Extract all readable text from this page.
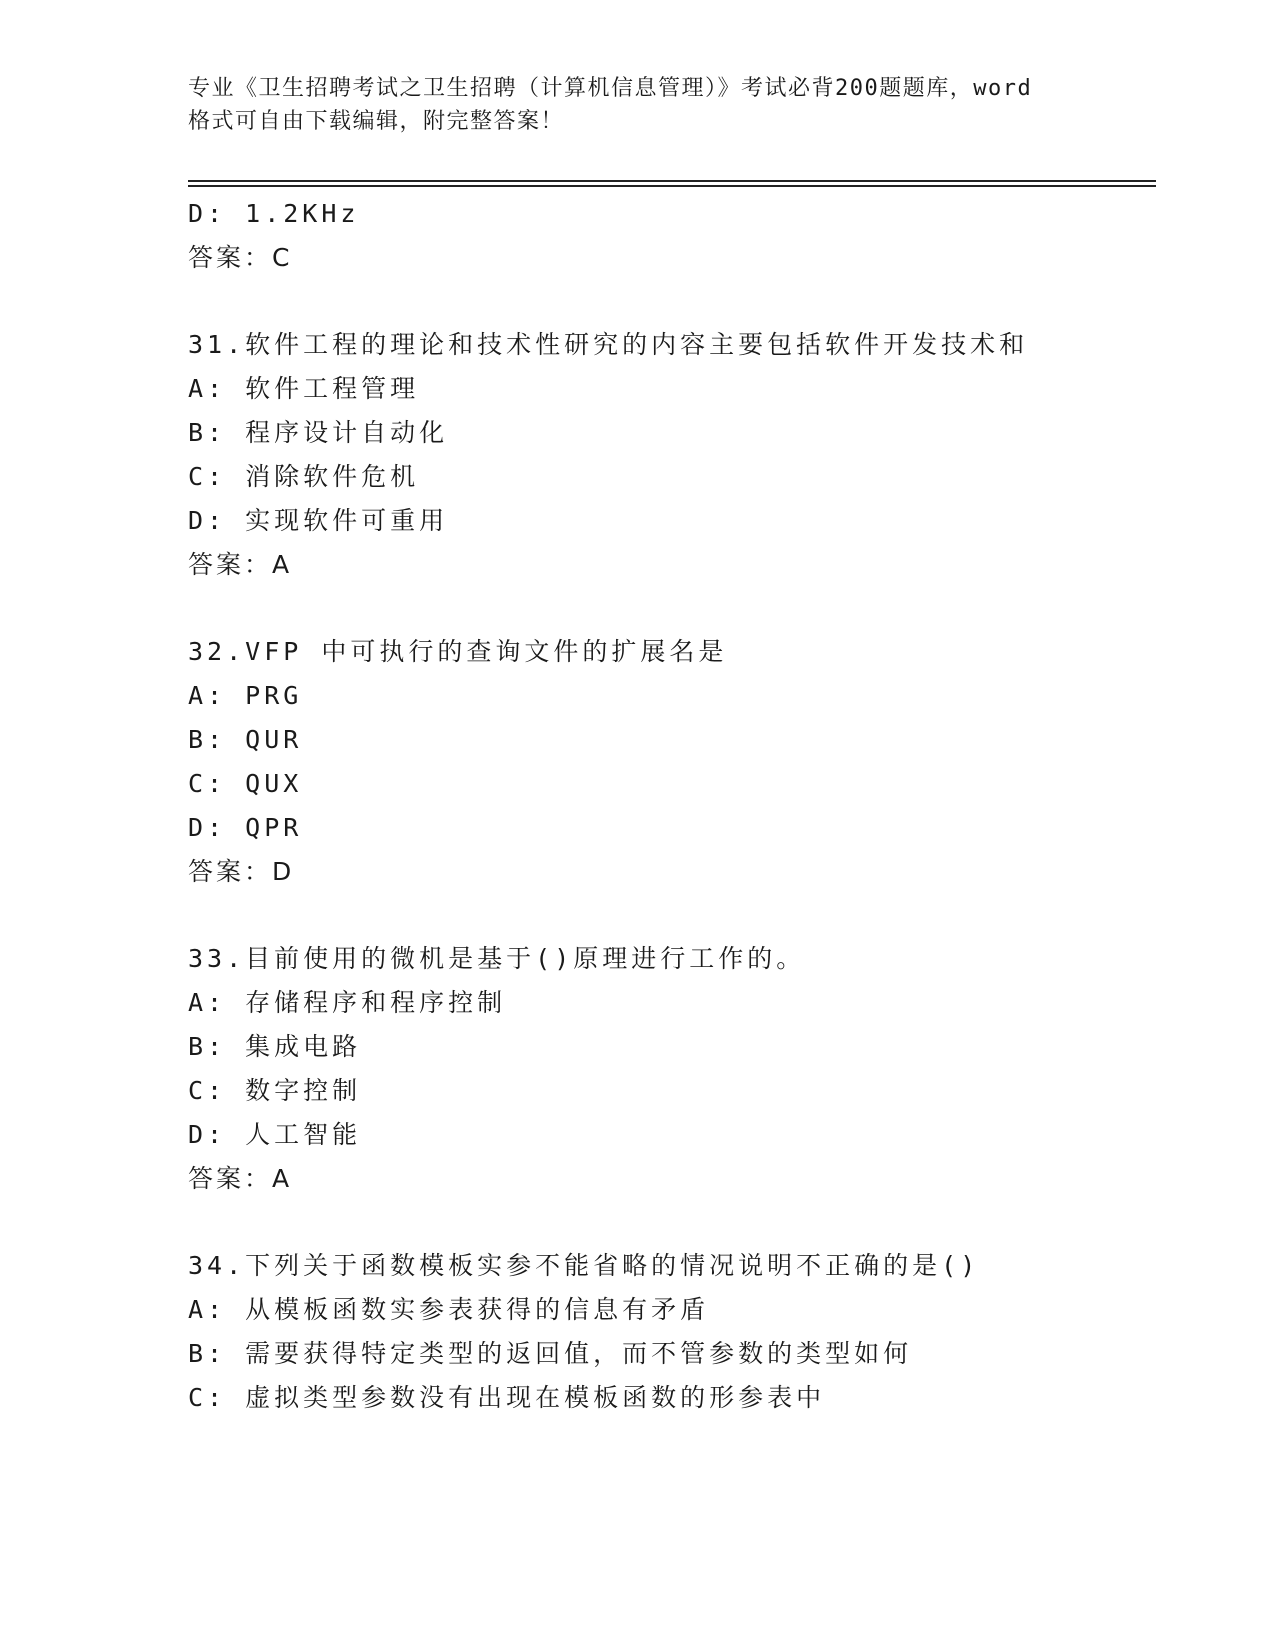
专业《卫生招聘考试之卫生招聘（计算机信息管理）》考试必背200题题库，word
格式可自由下载编辑，附完整答案！
D: 1.2KHz
答案：C
31.软件工程的理论和技术性研究的内容主要包括软件开发技术和
A: 软件工程管理
B: 程序设计自动化
C: 消除软件危机
D: 实现软件可重用
答案：A
32.VFP 中可执行的查询文件的扩展名是
A: PRG
B: QUR
C: QUX
D: QPR
答案：D
33.目前使用的微机是基于()原理进行工作的。
A: 存储程序和程序控制
B: 集成电路
C: 数字控制
D: 人工智能
答案：A
34.下列关于函数模板实参不能省略的情况说明不正确的是()
A: 从模板函数实参表获得的信息有矛盾
B: 需要获得特定类型的返回值，而不管参数的类型如何
C: 虚拟类型参数没有出现在模板函数的形参表中
